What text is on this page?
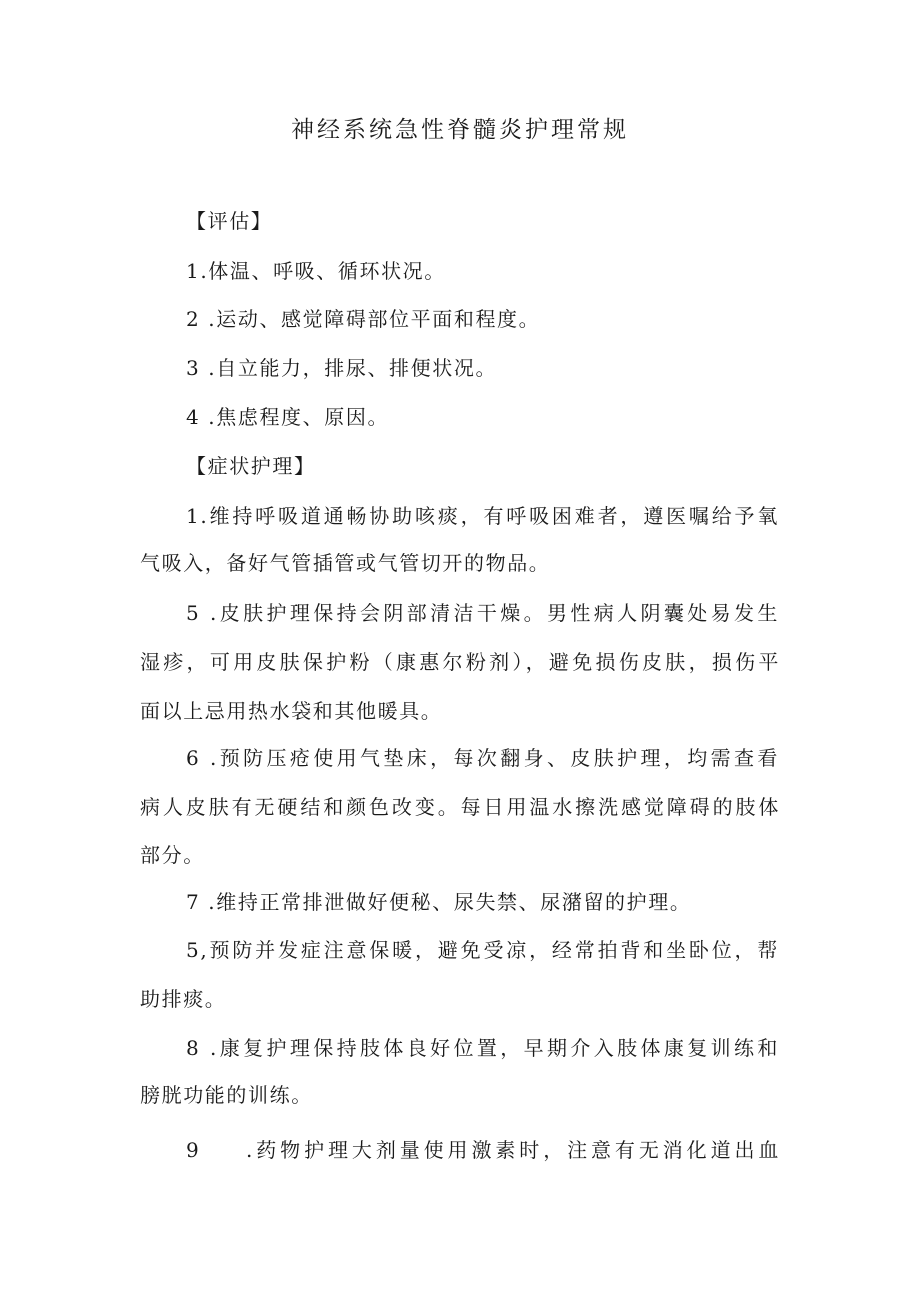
神经系统急性脊髓炎护理常规
【评估】
1.体温、呼吸、循环状况。
2 .运动、感觉障碍部位平面和程度。
3 .自立能力，排尿、排便状况。
4 .焦虑程度、原因。
【症状护理】
1.维持呼吸道通畅协助咳痰，有呼吸困难者，遵医嘱给予氧
气吸入，备好气管插管或气管切开的物品。
5 .皮肤护理保持会阴部清洁干燥。男性病人阴囊处易发生
湿疹，可用皮肤保护粉（康惠尔粉剂），避免损伤皮肤，损伤平
面以上忌用热水袋和其他暖具。
6 .预防压疮使用气垫床，每次翻身、皮肤护理，均需查看
病人皮肤有无硬结和颜色改变。每日用温水擦洗感觉障碍的肢体
部分。
7 .维持正常排泄做好便秘、尿失禁、尿潴留的护理。
5,预防并发症注意保暖，避免受凉，经常拍背和坐卧位，帮
助排痰。
8 .康复护理保持肢体良好位置，早期介入肢体康复训练和
膀胱功能的训练。
9 .药物护理大剂量使用激素时，注意有无消化道出血
